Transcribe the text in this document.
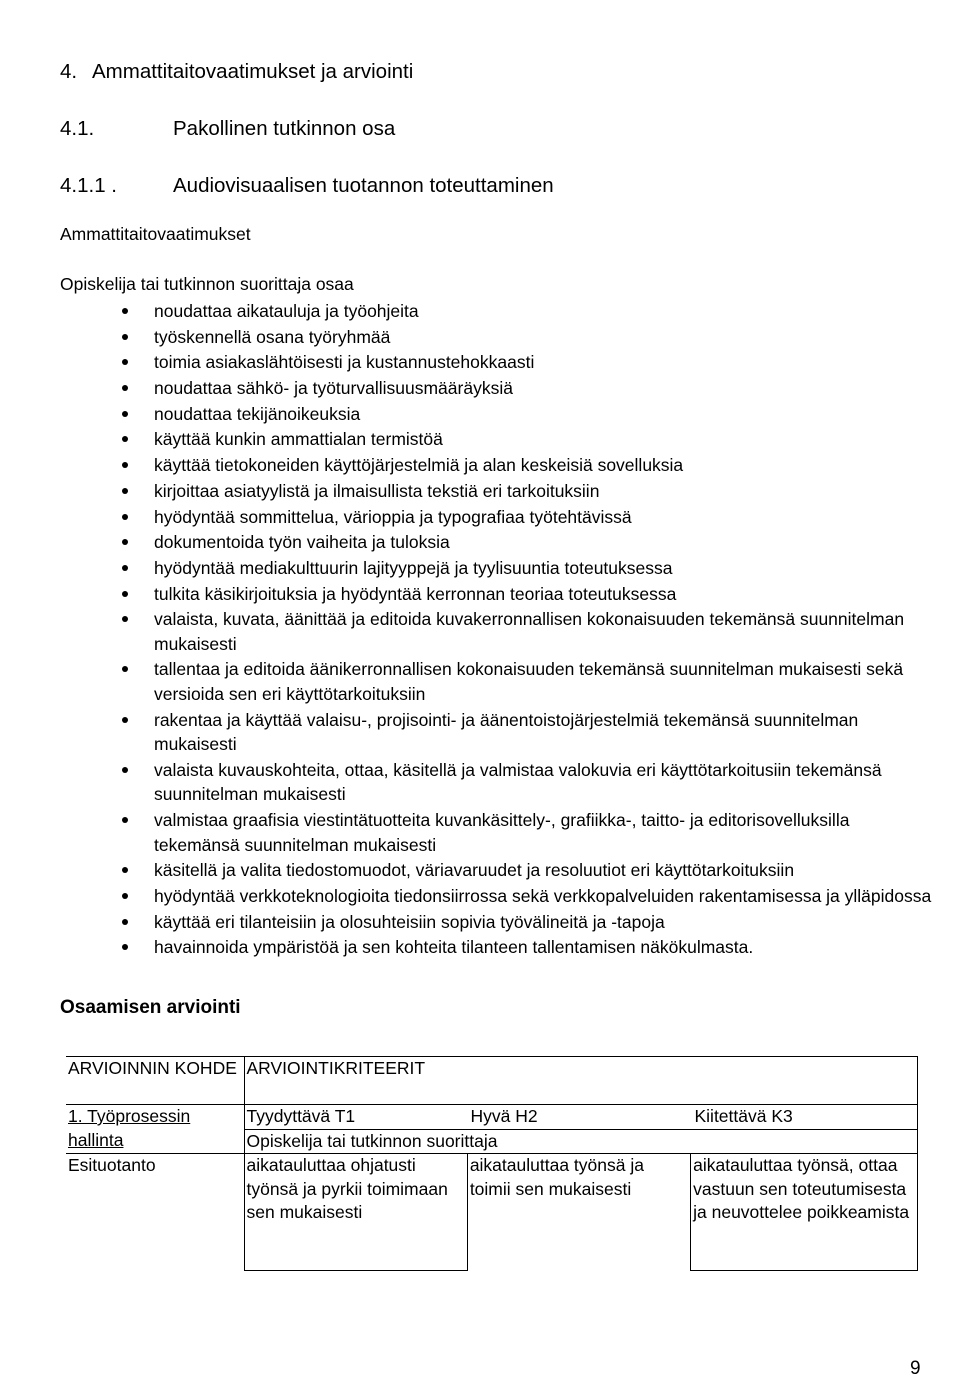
4. Ammattitaitovaatimukset ja arviointi
4.1.	Pakollinen tutkinnon osa
4.1.1 .	Audiovisuaalisen tuotannon toteuttaminen

Ammattitaitovaatimukset

Opiskelija tai tutkinnon suorittaja osaa

noudattaa aikatauluja ja työohjeita
työskennellä osana työryhmää
toimia asiakaslähtöisesti ja kustannustehokkaasti
noudattaa sähkö- ja työturvallisuusmääräyksiä
noudattaa tekijänoikeuksia
käyttää kunkin ammattialan termistöä
käyttää tietokoneiden käyttöjärjestelmiä ja alan keskeisiä sovelluksia
kirjoittaa asiatyylistä ja ilmaisullista tekstiä eri tarkoituksiin
hyödyntää sommittelua, värioppia ja typografiaa työtehtävissä
dokumentoida työn vaiheita ja tuloksia
hyödyntää mediakulttuurin lajityyppejä ja tyylisuuntia toteutuksessa
tulkita käsikirjoituksia ja hyödyntää kerronnan teoriaa toteutuksessa
valaista, kuvata, äänittää ja editoida kuvakerronnallisen kokonaisuuden tekemänsä suunnitelman mukaisesti
tallentaa ja editoida äänikerronnallisen kokonaisuuden tekemänsä suunnitelman mukaisesti sekä versioida sen eri käyttötarkoituksiin
rakentaa ja käyttää valaisu-, projisointi- ja äänentoistojärjestelmiä tekemänsä suunnitelman mukaisesti
valaista kuvauskohteita, ottaa, käsitellä ja valmistaa valokuvia eri käyttötarkoitusiin tekemänsä suunnitelman mukaisesti
valmistaa graafisia viestintätuotteita kuvankäsittely-, grafiikka-, taitto- ja editorisovelluksilla tekemänsä suunnitelman mukaisesti
käsitellä ja valita tiedostomuodot, väriavaruudet ja resoluutiot eri käyttötarkoituksiin
hyödyntää verkkoteknologioita tiedonsiirrossa sekä verkkopalveluiden rakentamisessa ja ylläpidossa
käyttää eri tilanteisiin ja olosuhteisiin sopivia työvälineitä ja -tapoja
havainnoida ympäristöä ja sen kohteita tilanteen tallentamisen näkökulmasta.

Osaamisen arviointi

ARVIOINNIN KOHDE	ARVIOINTIKRITEERIT		
1. Työprosessin hallinta	Tyydyttävä T1 Hyvä H2 Kiitettävä K3
Opiskelija tai tutkinnon suorittaja		

Esituotanto	aikatauluttaa ohjatusti työnsä ja pyrkii toimimaan sen mukaisesti	aikatauluttaa työnsä ja toimii sen mukaisesti	aikatauluttaa työnsä, ottaa vastuun sen toteutumisesta ja neuvottelee poikkeamista

9
